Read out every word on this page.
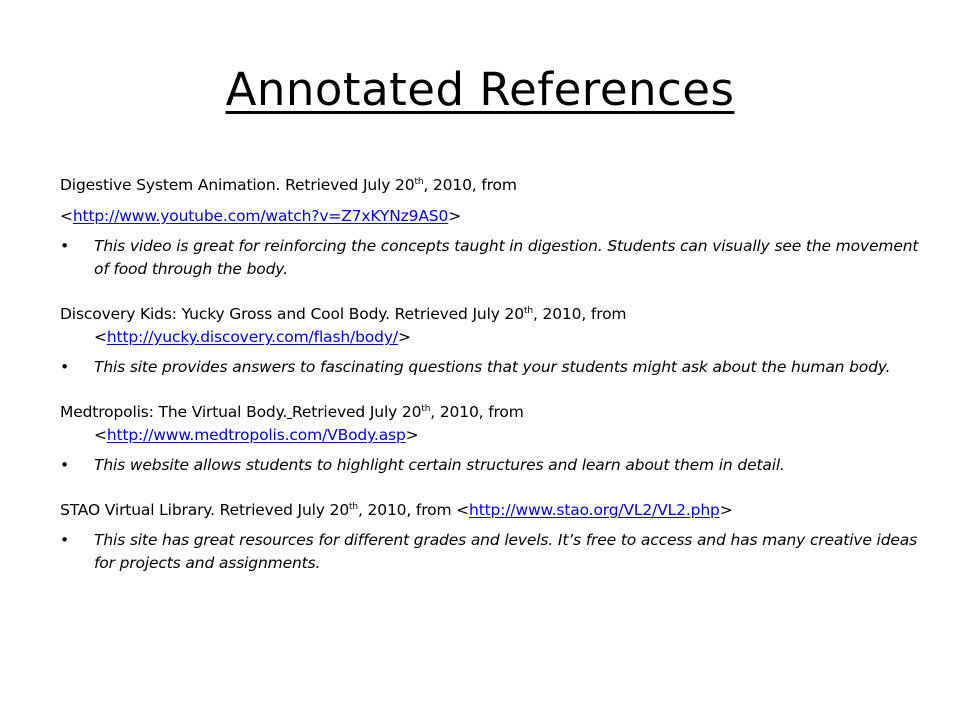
Annotated References
Digestive System Animation. Retrieved July 20th, 2010, from
<http://www.youtube.com/watch?v=Z7xKYNz9AS0>
• This video is great for reinforcing the concepts taught in digestion. Students can visually see the movement of food through the body.
Discovery Kids: Yucky Gross and Cool Body. Retrieved July 20th, 2010, from
<http://yucky.discovery.com/flash/body/>
• This site provides answers to fascinating questions that your students might ask about the human body.
Medtropolis: The Virtual Body. Retrieved July 20th, 2010, from
<http://www.medtropolis.com/VBody.asp>
• This website allows students to highlight certain structures and learn about them in detail.
STAO Virtual Library. Retrieved July 20th, 2010, from <http://www.stao.org/VL2/VL2.php>
• This site has great resources for different grades and levels. It’s free to access and has many creative ideas for projects and assignments.
